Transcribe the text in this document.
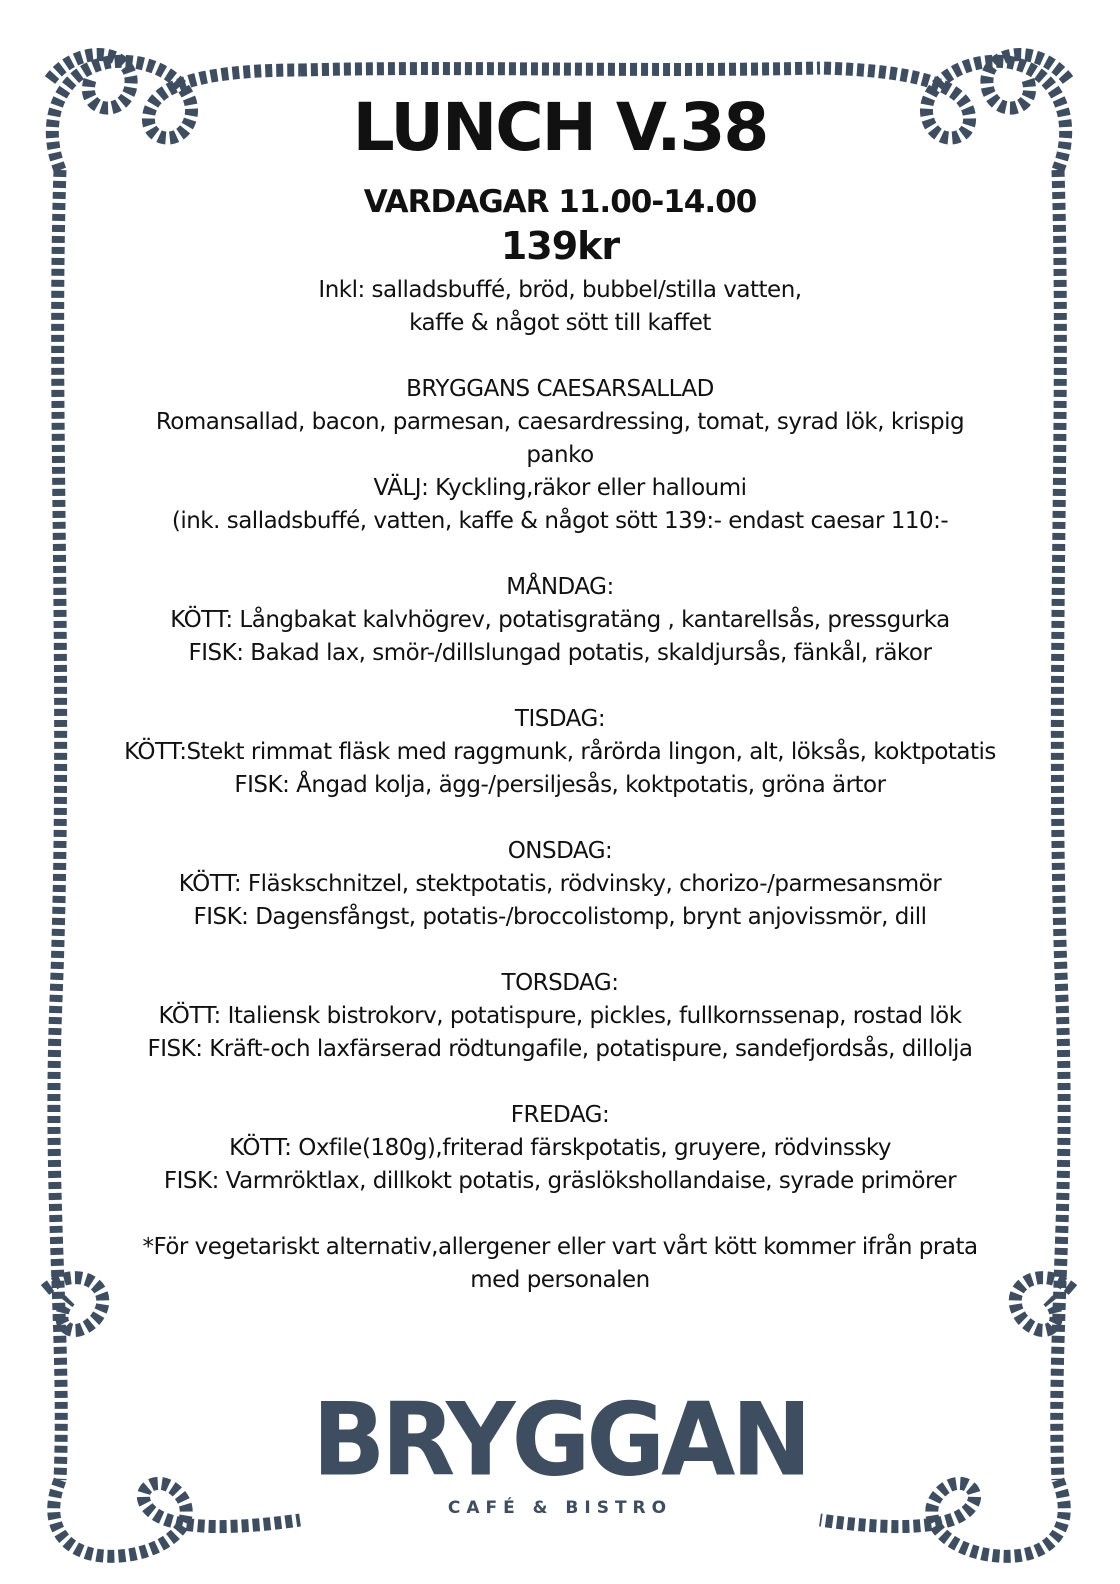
LUNCH V.38
VARDAGAR 11.00-14.00
139kr
Inkl: salladsbuffé, bröd, bubbel/stilla vatten,
kaffe & något sött till kaffet
BRYGGANS CAESARSALLAD
Romansallad, bacon, parmesan, caesardressing, tomat, syrad lök, krispig
panko
VÄLJ: Kyckling,räkor eller halloumi
(ink. salladsbuffé, vatten, kaffe & något sött 139:- endast caesar 110:-
MÅNDAG:
KÖTT: Långbakat kalvhögrev, potatisgratäng , kantarellsås, pressgurka
FISK: Bakad lax, smör-/dillslungad potatis, skaldjursås, fänkål, räkor
TISDAG:
KÖTT:Stekt rimmat fläsk med raggmunk, rårörda lingon, alt, löksås, koktpotatis
FISK: Ångad kolja, ägg-/persiljesås, koktpotatis, gröna ärtor
ONSDAG:
KÖTT: Fläskschnitzel, stektpotatis, rödvinsky, chorizo-/parmesansmör
FISK: Dagensfångst, potatis-/broccolistomp, brynt anjovissmör, dill
TORSDAG:
KÖTT: Italiensk bistrokorv, potatispure, pickles, fullkornssenap, rostad lök
FISK: Kräft-och laxfärserad rödtungafile, potatispure, sandefjordsås, dillolja
FREDAG:
KÖTT: Oxfile(180g),friterad färskpotatis, gruyere, rödvinssky
FISK: Varmröktlax, dillkokt potatis, gräslökshollandaise, syrade primörer
*För vegetariskt alternativ,allergener eller vart vårt kött kommer ifrån prata
med personalen
BRYGGAN
CAFÉ & BISTRO
